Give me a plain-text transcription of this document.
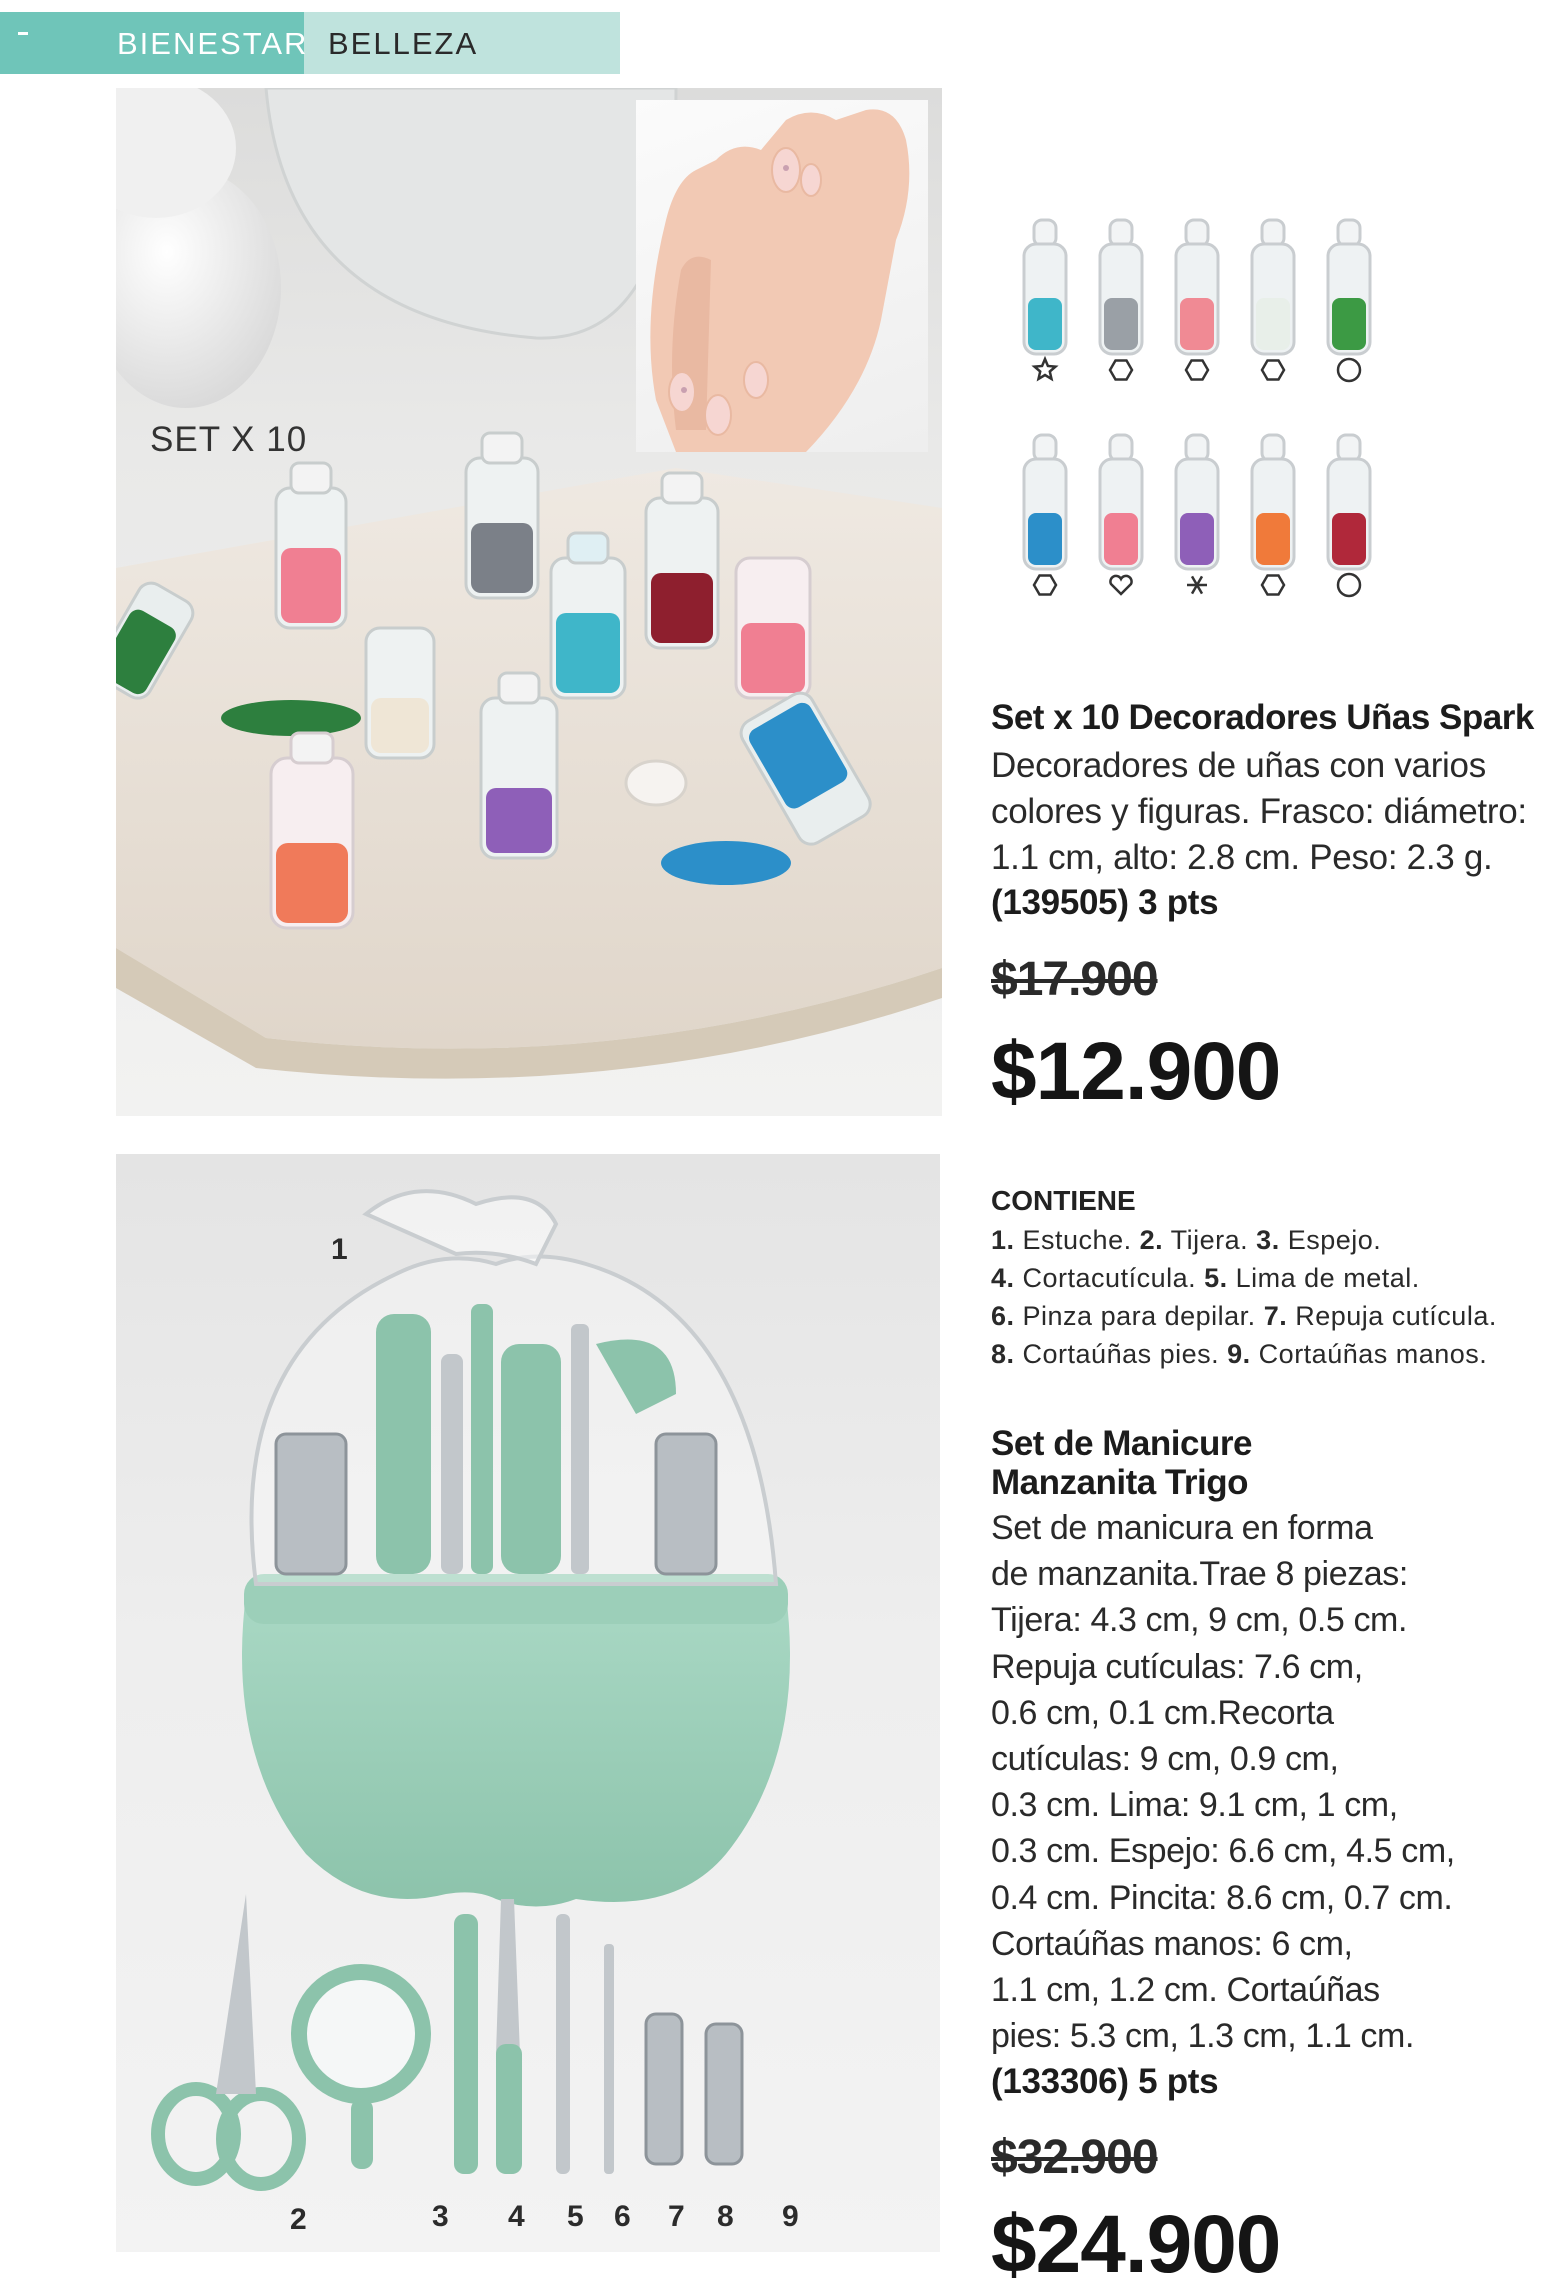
BIENESTAR BELLEZA
SET X 10
Set x 10 Decoradores Uñas Spark
Decoradores de uñas con varios
colores y figuras. Frasco: diámetro:
1.1 cm, alto: 2.8 cm. Peso: 2.3 g.
(139505) 3 pts
$17.900
$12.900
1
2	3 4 5 6 7 8 9
CONTIENE
1. Estuche. 2. Tijera. 3. Espejo.
4. Cortacutícula. 5. Lima de metal.
6. Pinza para depilar. 7. Repuja cutícula.
8. Cortaúñas pies. 9. Cortaúñas manos.
Set de Manicure
Manzanita Trigo
Set de manicura en forma
de manzanita.Trae 8 piezas:
Tijera: 4.3 cm, 9 cm, 0.5 cm.
Repuja cutículas: 7.6 cm,
0.6 cm, 0.1 cm.Recorta
cutículas: 9 cm, 0.9 cm,
0.3 cm. Lima: 9.1 cm, 1 cm,
0.3 cm. Espejo: 6.6 cm, 4.5 cm,
0.4 cm. Pincita: 8.6 cm, 0.7 cm.
Cortaúñas manos: 6 cm,
1.1 cm, 1.2 cm. Cortaúñas
pies: 5.3 cm, 1.3 cm, 1.1 cm.
(133306) 5 pts
$32.900
$24.900
